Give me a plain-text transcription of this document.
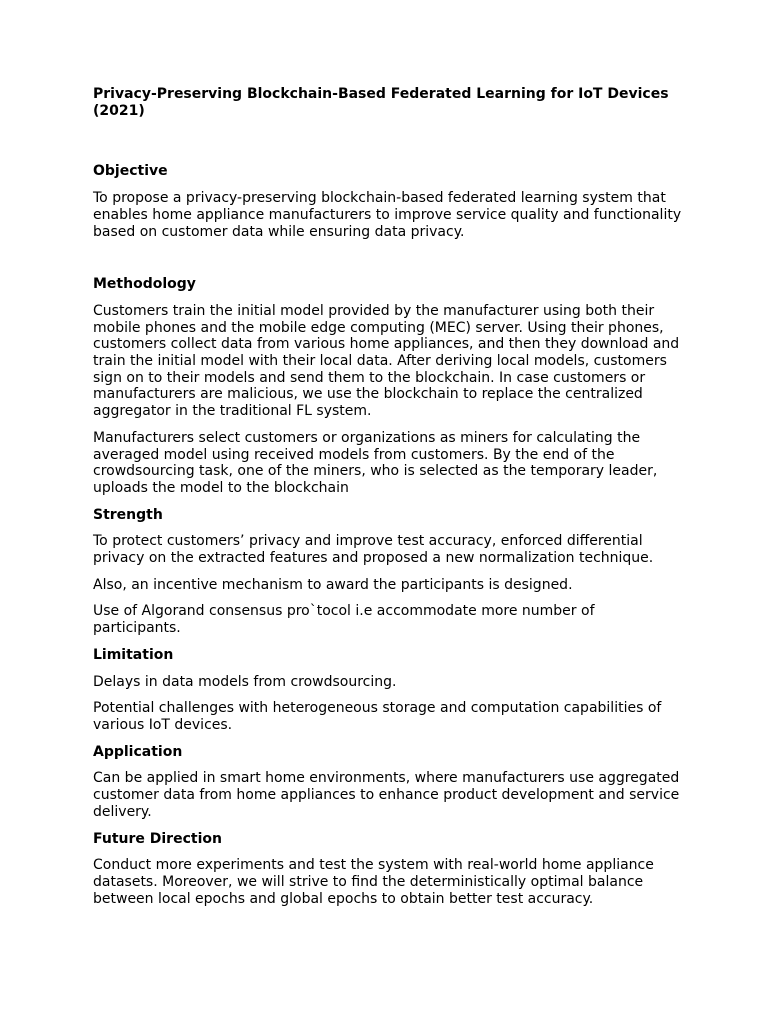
Privacy-Preserving Blockchain-Based Federated Learning for IoT Devices (2021)
Objective

To propose a privacy-preserving blockchain-based federated learning system that enables home appliance manufacturers to improve service quality and functionality based on customer data while ensuring data privacy.

Methodology

Customers train the initial model provided by the manufacturer using both their mobile phones and the mobile edge computing (MEC) server. Using their phones, customers collect data from various home appliances, and then they download and train the initial model with their local data. After deriving local models, customers sign on to their models and send them to the blockchain. In case customers or manufacturers are malicious, we use the blockchain to replace the centralized aggregator in the traditional FL system.

Manufacturers select customers or organizations as miners for calculating the averaged model using received models from customers. By the end of the crowdsourcing task, one of the miners, who is selected as the temporary leader, uploads the model to the blockchain

Strength

To protect customers’ privacy and improve test accuracy, enforced differential privacy on the extracted features and proposed a new normalization technique.

Also, an incentive mechanism to award the participants is designed.

Use of Algorand consensus pro`tocol i.e accommodate more number of participants.

Limitation

Delays in data models from crowdsourcing.

Potential challenges with heterogeneous storage and computation capabilities of various IoT devices.

Application

Can be applied in smart home environments, where manufacturers use aggregated customer data from home appliances to enhance product development and service delivery.

Future Direction

Conduct more experiments and test the system with real-world home appliance datasets. Moreover, we will strive to find the deterministically optimal balance between local epochs and global epochs to obtain better test accuracy.
